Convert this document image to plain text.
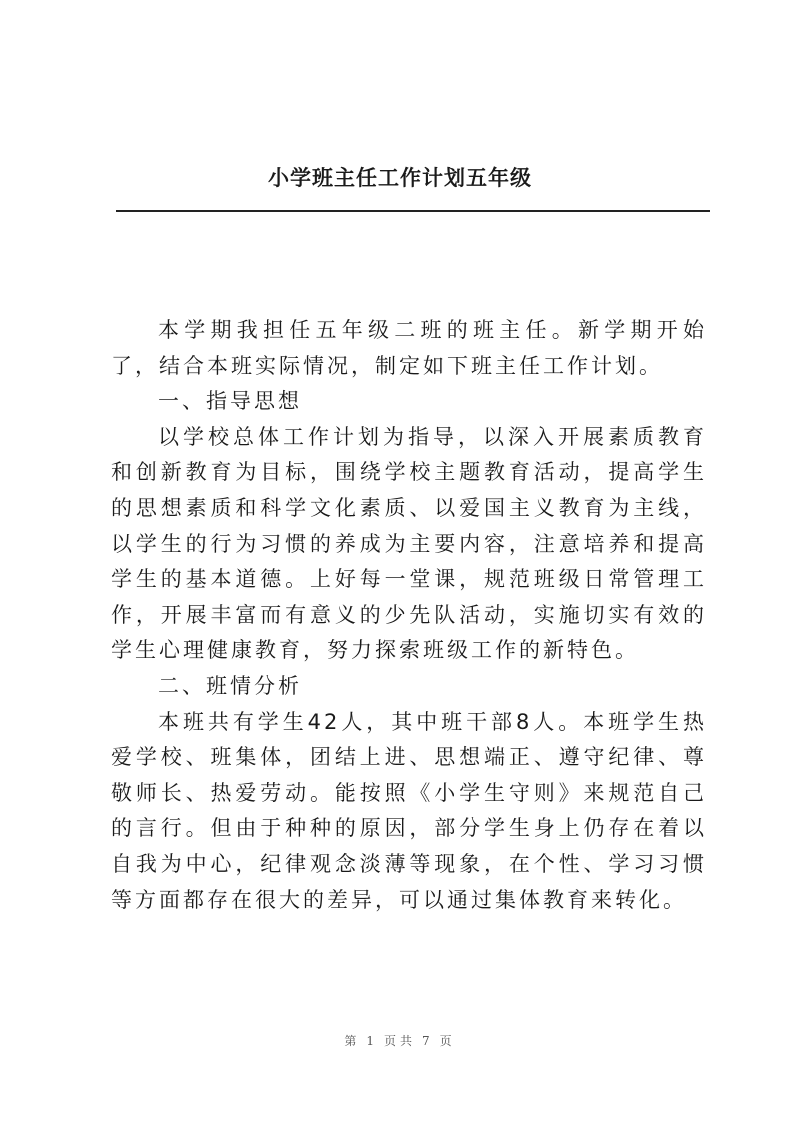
小学班主任工作计划五年级

本学期我担任五年级二班的班主任。新学期开始了，结合本班实际情况，制定如下班主任工作计划。

一、指导思想

以学校总体工作计划为指导，以深入开展素质教育和创新教育为目标，围绕学校主题教育活动，提高学生的思想素质和科学文化素质、以爱国主义教育为主线，以学生的行为习惯的养成为主要内容，注意培养和提高学生的基本道德。上好每一堂课，规范班级日常管理工作，开展丰富而有意义的少先队活动，实施切实有效的学生心理健康教育，努力探索班级工作的新特色。

二、班情分析

本班共有学生42人，其中班干部8人。本班学生热爱学校、班集体，团结上进、思想端正、遵守纪律、尊敬师长、热爱劳动。能按照《小学生守则》来规范自己的言行。但由于种种的原因，部分学生身上仍存在着以自我为中心，纪律观念淡薄等现象，在个性、学习习惯等方面都存在很大的差异，可以通过集体教育来转化。

第 1 页共 7 页
